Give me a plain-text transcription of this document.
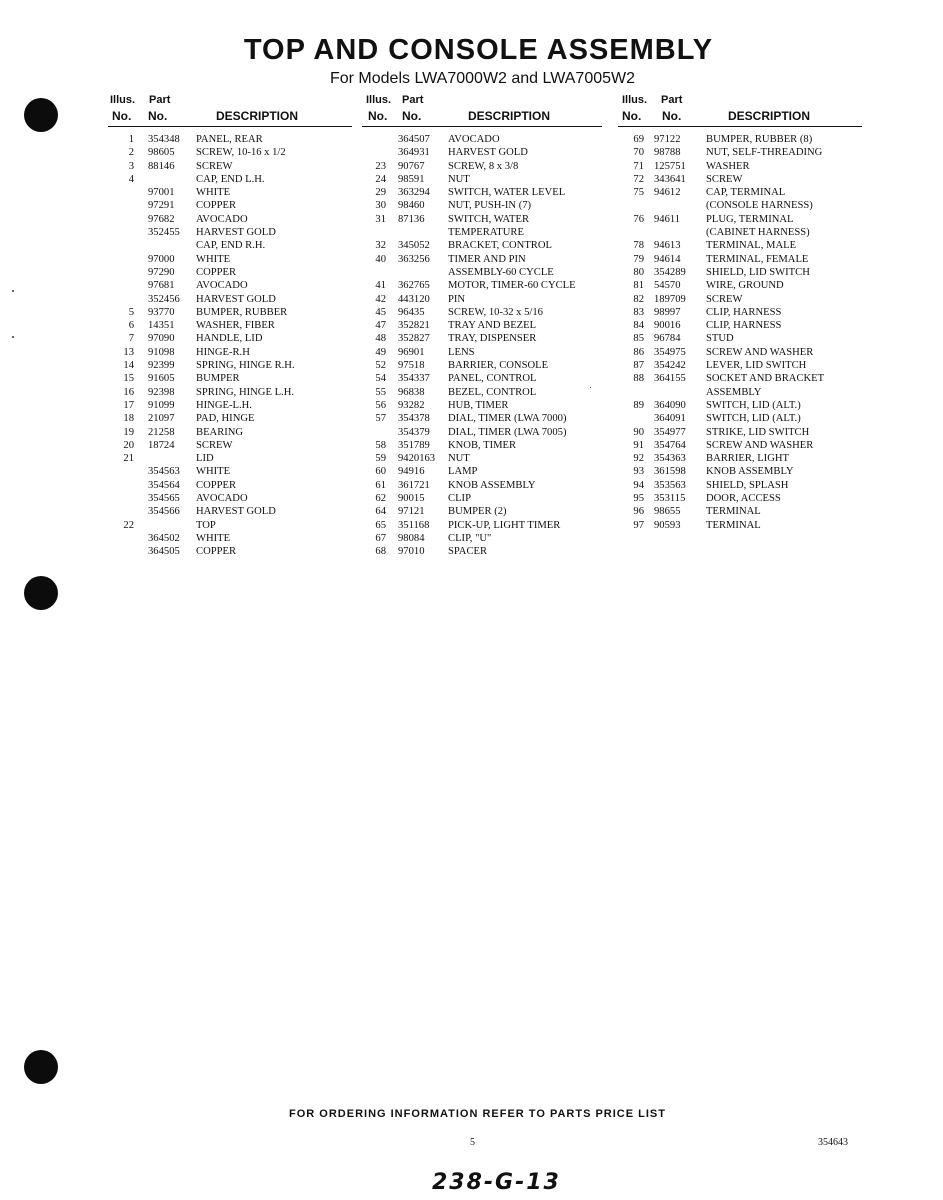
TOP AND CONSOLE ASSEMBLY
For Models LWA7000W2 and LWA7005W2
Illus. Part
No. No.	DESCRIPTION
1 354348 PANEL, REAR
2 98605 SCREW, 10-16 x 1/2
3 88146 SCREW
4	CAP, END L.H.
97001 WHITE
97291 COPPER
97682 AVOCADO
352455 HARVEST GOLD
CAP, END R.H.
97000 WHITE
97290 COPPER
97681 AVOCADO
352456 HARVEST GOLD
5 93770 BUMPER, RUBBER
6 14351 WASHER, FIBER
7 97090 HANDLE, LID
13 91098 HINGE-R.H
14 92399 SPRING, HINGE R.H.
15 91605 BUMPER
16 92398 SPRING, HINGE L.H.
17 91099 HINGE-L.H.
18 21097 PAD, HINGE
19 21258 BEARING
20 18724 SCREW
21	LID
354563 WHITE
354564 COPPER
354565 AVOCADO
354566 HARVEST GOLD
22	TOP
364502 WHITE
364505 COPPER
Illus. Part
No. No.	DESCRIPTION
364507 AVOCADO
364931 HARVEST GOLD
23 90767 SCREW, 8 x 3/8
24 98591 NUT
29 363294 SWITCH, WATER LEVEL
30 98460 NUT, PUSH-IN (7)
31 87136 SWITCH, WATER
TEMPERATURE
32 345052 BRACKET, CONTROL
40 363256 TIMER AND PIN
ASSEMBLY-60 CYCLE
41 362765 MOTOR, TIMER-60 CYCLE
42 443120 PIN
45 96435 SCREW, 10-32 x 5/16
47 352821 TRAY AND BEZEL
48 352827 TRAY, DISPENSER
49 96901 LENS
52 97518 BARRIER, CONSOLE
54 354337 PANEL, CONTROL
55 96838 BEZEL, CONTROL
56 93282 HUB, TIMER
57 354378 DIAL, TIMER (LWA 7000)
354379 DIAL, TIMER (LWA 7005)
58 351789 KNOB, TIMER
59 9420163 NUT
60 94916 LAMP
61 361721 KNOB ASSEMBLY
62 90015 CLIP
64 97121 BUMPER (2)
65 351168 PICK-UP, LIGHT TIMER
67 98084 CLIP, "U"
68 97010 SPACER
Illus. Part
No. No.	DESCRIPTION
69 97122 BUMPER, RUBBER (8)
70 98788 NUT, SELF-THREADING
71 125751 WASHER
72 343641 SCREW
75 94612 CAP, TERMINAL
(CONSOLE HARNESS)
76 94611 PLUG, TERMINAL
(CABINET HARNESS)
78 94613 TERMINAL, MALE
79 94614 TERMINAL, FEMALE
80 354289 SHIELD, LID SWITCH
81 54570 WIRE, GROUND
82 189709 SCREW
83 98997 CLIP, HARNESS
84 90016 CLIP, HARNESS
85 96784 STUD
86 354975 SCREW AND WASHER
87 354242 LEVER, LID SWITCH
88 364155 SOCKET AND BRACKET
ASSEMBLY
89 364090 SWITCH, LID (ALT.)
364091 SWITCH, LID (ALT.)
90 354977 STRIKE, LID SWITCH
91 354764 SCREW AND WASHER
92 354363 BARRIER, LIGHT
93 361598 KNOB ASSEMBLY
94 353563 SHIELD, SPLASH
95 353115 DOOR, ACCESS
96 98655 TERMINAL
97 90593 TERMINAL
FOR ORDERING INFORMATION REFER TO PARTS PRICE LIST
5	354643
238-G-13
